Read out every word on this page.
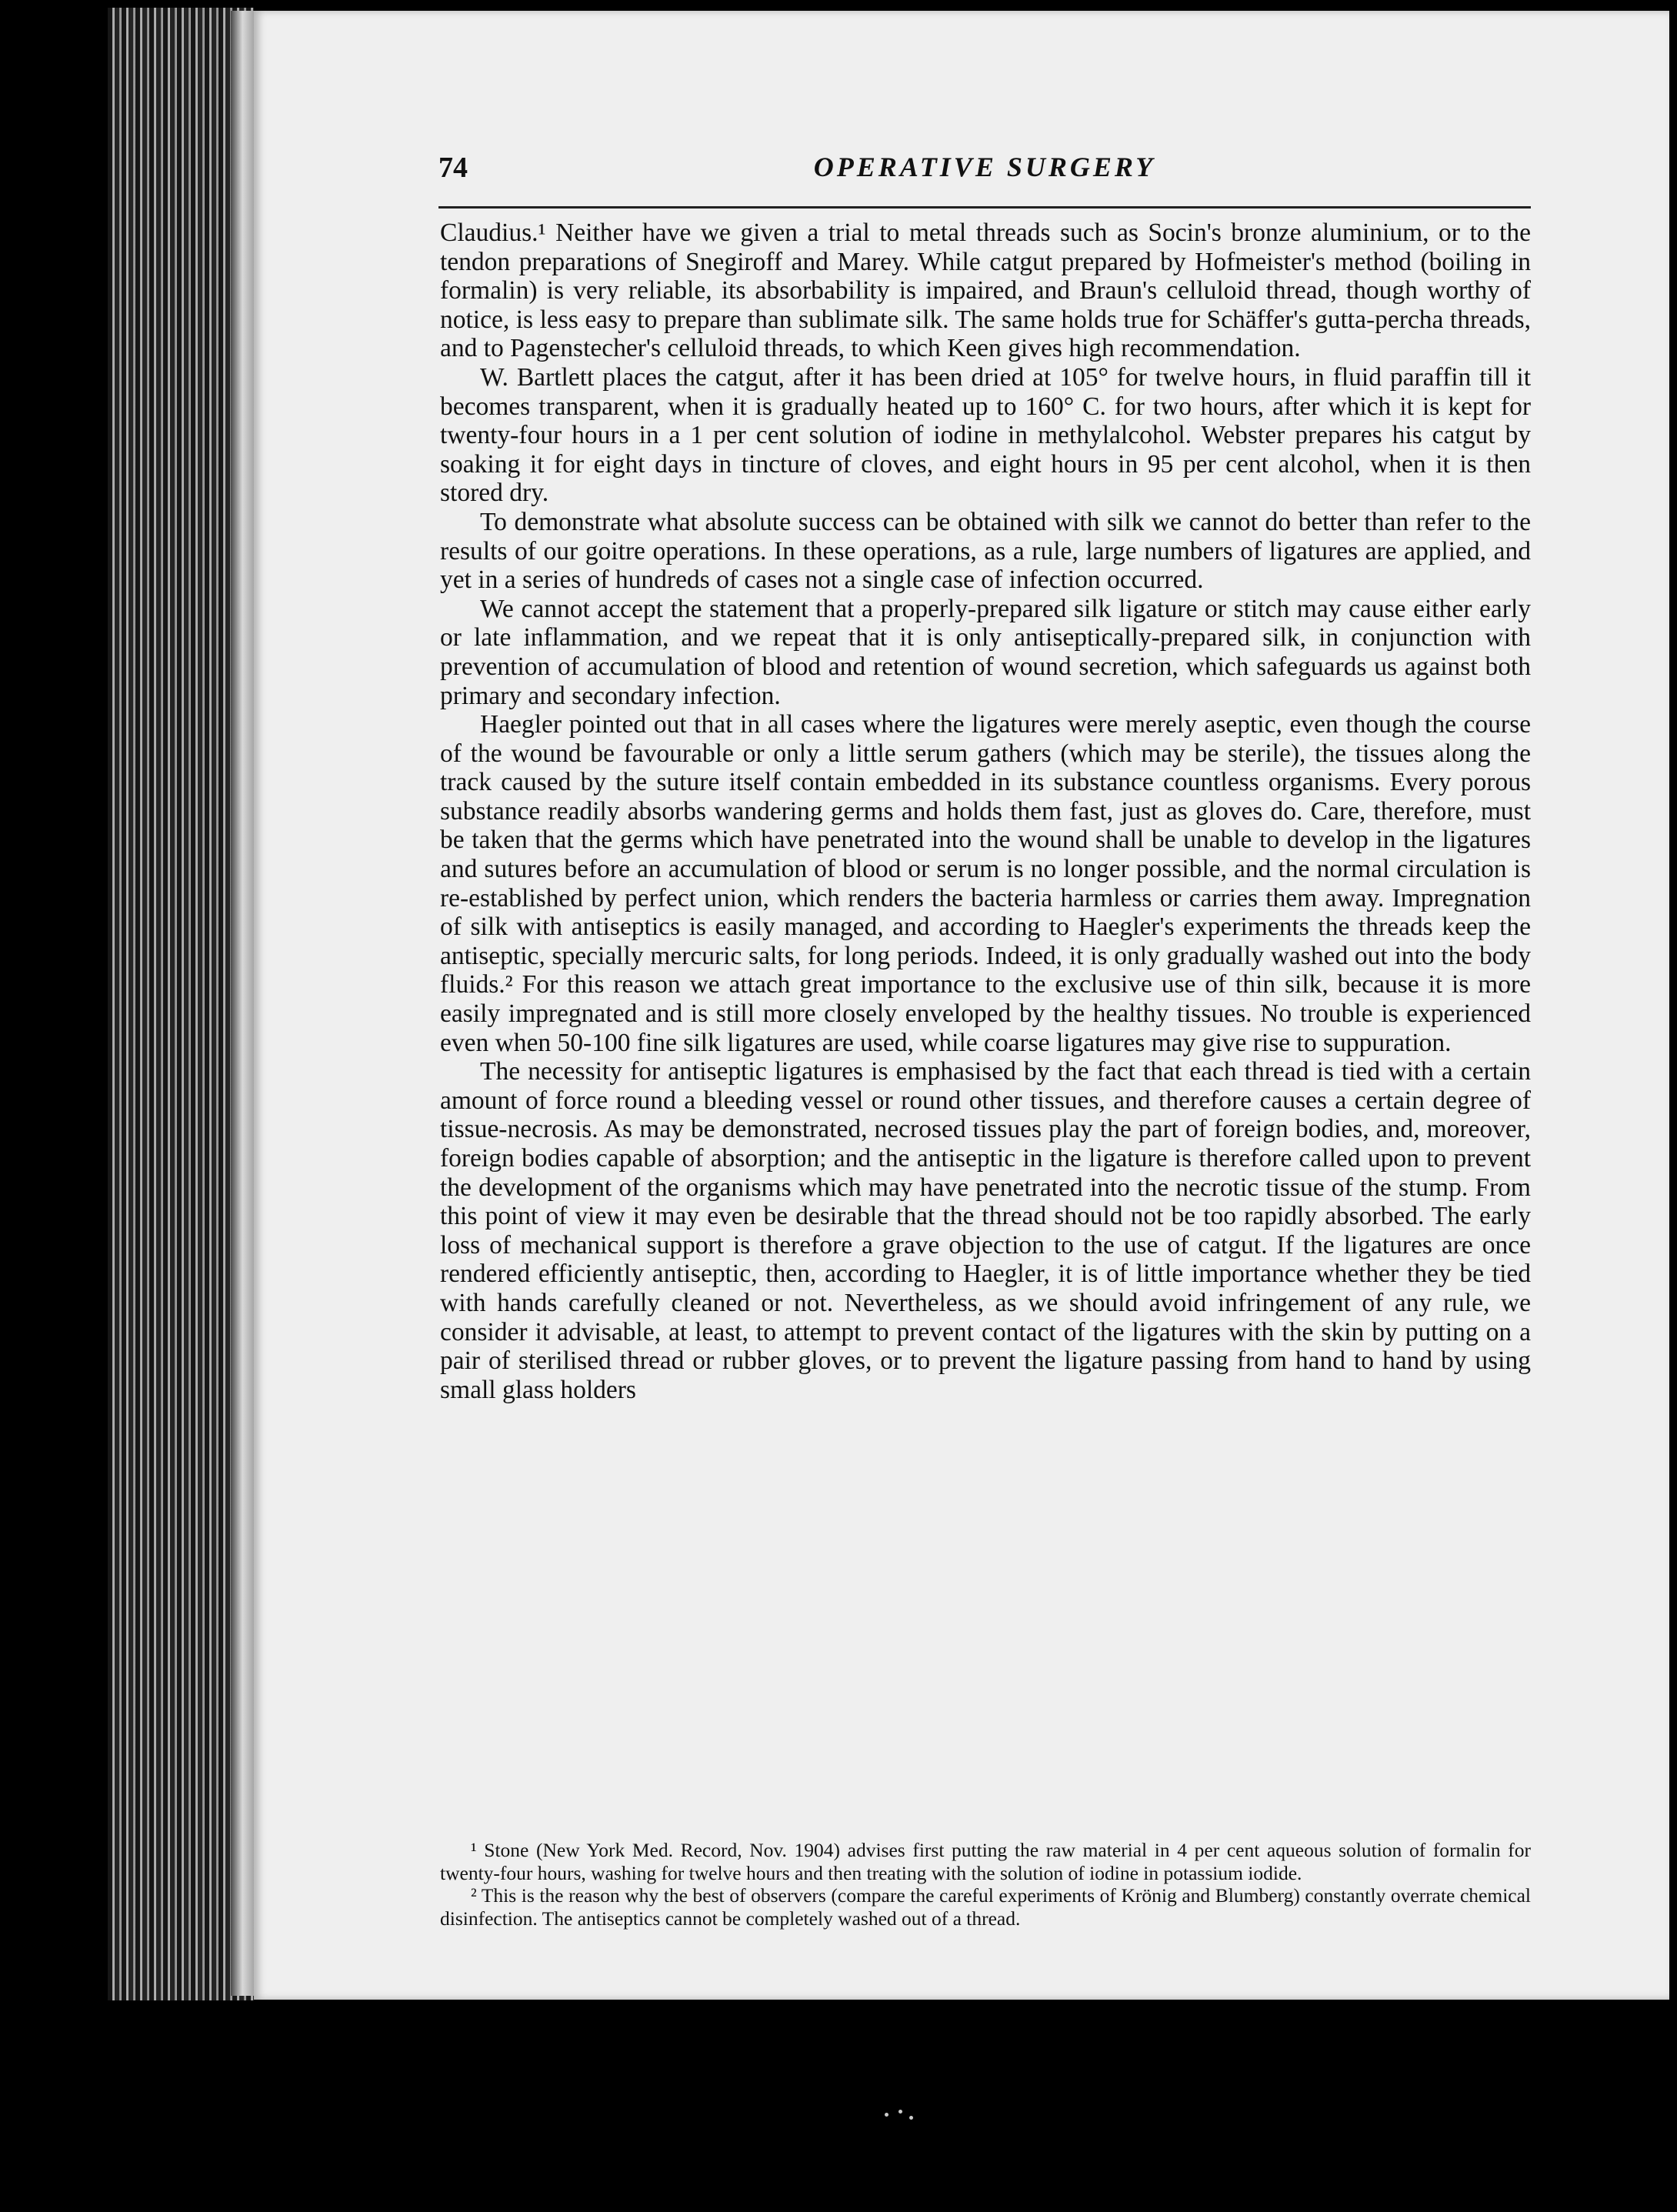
74	OPERATIVE SURGERY

Claudius.¹ Neither have we given a trial to metal threads such as Socin's bronze aluminium, or to the tendon preparations of Snegiroff and Marey. While catgut prepared by Hofmeister's method (boiling in formalin) is very reliable, its absorbability is impaired, and Braun's celluloid thread, though worthy of notice, is less easy to prepare than sublimate silk. The same holds true for Schäffer's gutta-percha threads, and to Pagenstecher's celluloid threads, to which Keen gives high recommendation.

W. Bartlett places the catgut, after it has been dried at 105° for twelve hours, in fluid paraffin till it becomes transparent, when it is gradually heated up to 160° C. for two hours, after which it is kept for twenty-four hours in a 1 per cent solution of iodine in methylalcohol. Webster prepares his catgut by soaking it for eight days in tincture of cloves, and eight hours in 95 per cent alcohol, when it is then stored dry.

To demonstrate what absolute success can be obtained with silk we cannot do better than refer to the results of our goitre operations. In these operations, as a rule, large numbers of ligatures are applied, and yet in a series of hundreds of cases not a single case of infection occurred.

We cannot accept the statement that a properly-prepared silk ligature or stitch may cause either early or late inflammation, and we repeat that it is only antiseptically-prepared silk, in conjunction with prevention of accumulation of blood and retention of wound secretion, which safeguards us against both primary and secondary infection.

Haegler pointed out that in all cases where the ligatures were merely aseptic, even though the course of the wound be favourable or only a little serum gathers (which may be sterile), the tissues along the track caused by the suture itself contain embedded in its substance countless organisms. Every porous substance readily absorbs wandering germs and holds them fast, just as gloves do. Care, therefore, must be taken that the germs which have penetrated into the wound shall be unable to develop in the ligatures and sutures before an accumulation of blood or serum is no longer possible, and the normal circulation is re-established by perfect union, which renders the bacteria harmless or carries them away. Impregnation of silk with antiseptics is easily managed, and according to Haegler's experiments the threads keep the antiseptic, specially mercuric salts, for long periods. Indeed, it is only gradually washed out into the body fluids.² For this reason we attach great importance to the exclusive use of thin silk, because it is more easily impregnated and is still more closely enveloped by the healthy tissues. No trouble is experienced even when 50-100 fine silk ligatures are used, while coarse ligatures may give rise to suppuration.

The necessity for antiseptic ligatures is emphasised by the fact that each thread is tied with a certain amount of force round a bleeding vessel or round other tissues, and therefore causes a certain degree of tissue-necrosis. As may be demonstrated, necrosed tissues play the part of foreign bodies, and, moreover, foreign bodies capable of absorption; and the antiseptic in the ligature is therefore called upon to prevent the development of the organisms which may have penetrated into the necrotic tissue of the stump. From this point of view it may even be desirable that the thread should not be too rapidly absorbed. The early loss of mechanical support is therefore a grave objection to the use of catgut. If the ligatures are once rendered efficiently antiseptic, then, according to Haegler, it is of little importance whether they be tied with hands carefully cleaned or not. Nevertheless, as we should avoid infringement of any rule, we consider it advisable, at least, to attempt to prevent contact of the ligatures with the skin by putting on a pair of sterilised thread or rubber gloves, or to prevent the ligature passing from hand to hand by using small glass holders

¹ Stone (New York Med. Record, Nov. 1904) advises first putting the raw material in 4 per cent aqueous solution of formalin for twenty-four hours, washing for twelve hours and then treating with the solution of iodine in potassium iodide.

² This is the reason why the best of observers (compare the careful experiments of Krönig and Blumberg) constantly overrate chemical disinfection. The antiseptics cannot be completely washed out of a thread.
